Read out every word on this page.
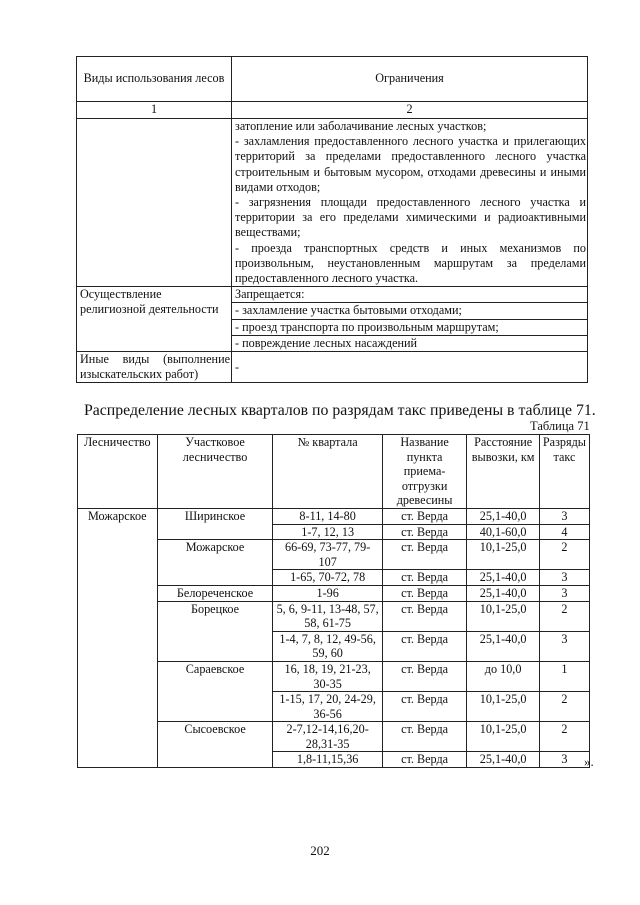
Виды использования лесов	Ограничения
1	2

	затопление или заболачивание лесных участков;
- захламления предоставленного лесного участка и прилегающих территорий за пределами предоставленного лесного участка строительным и бытовым мусором, отходами древесины и иными видами отходов;
- загрязнения площади предоставленного лесного участка и территории за его пределами химическими и радиоактивными веществами;
- проезда транспортных средств и иных механизмов по произвольным, неустановленным маршрутам за пределами предоставленного лесного участка.

Осуществление религиозной деятельности	Запрещается:
- захламление участка бытовыми отходами;
- проезд транспорта по произвольным маршрутам;
- повреждение лесных насаждений

Иные виды (выполнение изыскательских работ)	-
Распределение лесных кварталов по разрядам такс приведены в таблице 71.
Таблица 71
Лесничество	Участковое лесничество	№ квартала	Название пункта приема-отгрузки древесины	Расстояние вывозки, км	Разряды такс
Можарское	Ширинское	8-11, 14-80	ст. Верда	25,1-40,0	3
		1-7, 12, 13	ст. Верда	40,1-60,0	4
	Можарское	66-69, 73-77, 79-107	ст. Верда	10,1-25,0	2
		1-65, 70-72, 78	ст. Верда	25,1-40,0	3
	Белореченское	1-96	ст. Верда	25,1-40,0	3
	Борецкое	5, 6, 9-11, 13-48, 57, 58, 61-75	ст. Верда	10,1-25,0	2
		1-4, 7, 8, 12, 49-56, 59, 60	ст. Верда	25,1-40,0	3
	Сараевское	16, 18, 19, 21-23, 30-35	ст. Верда	до 10,0	1
		1-15, 17, 20, 24-29, 36-56	ст. Верда	10,1-25,0	2
	Сысоевское	2-7,12-14,16,20-28,31-35	ст. Верда	10,1-25,0	2
		1,8-11,15,36	ст. Верда	25,1-40,0	3 ».
202
